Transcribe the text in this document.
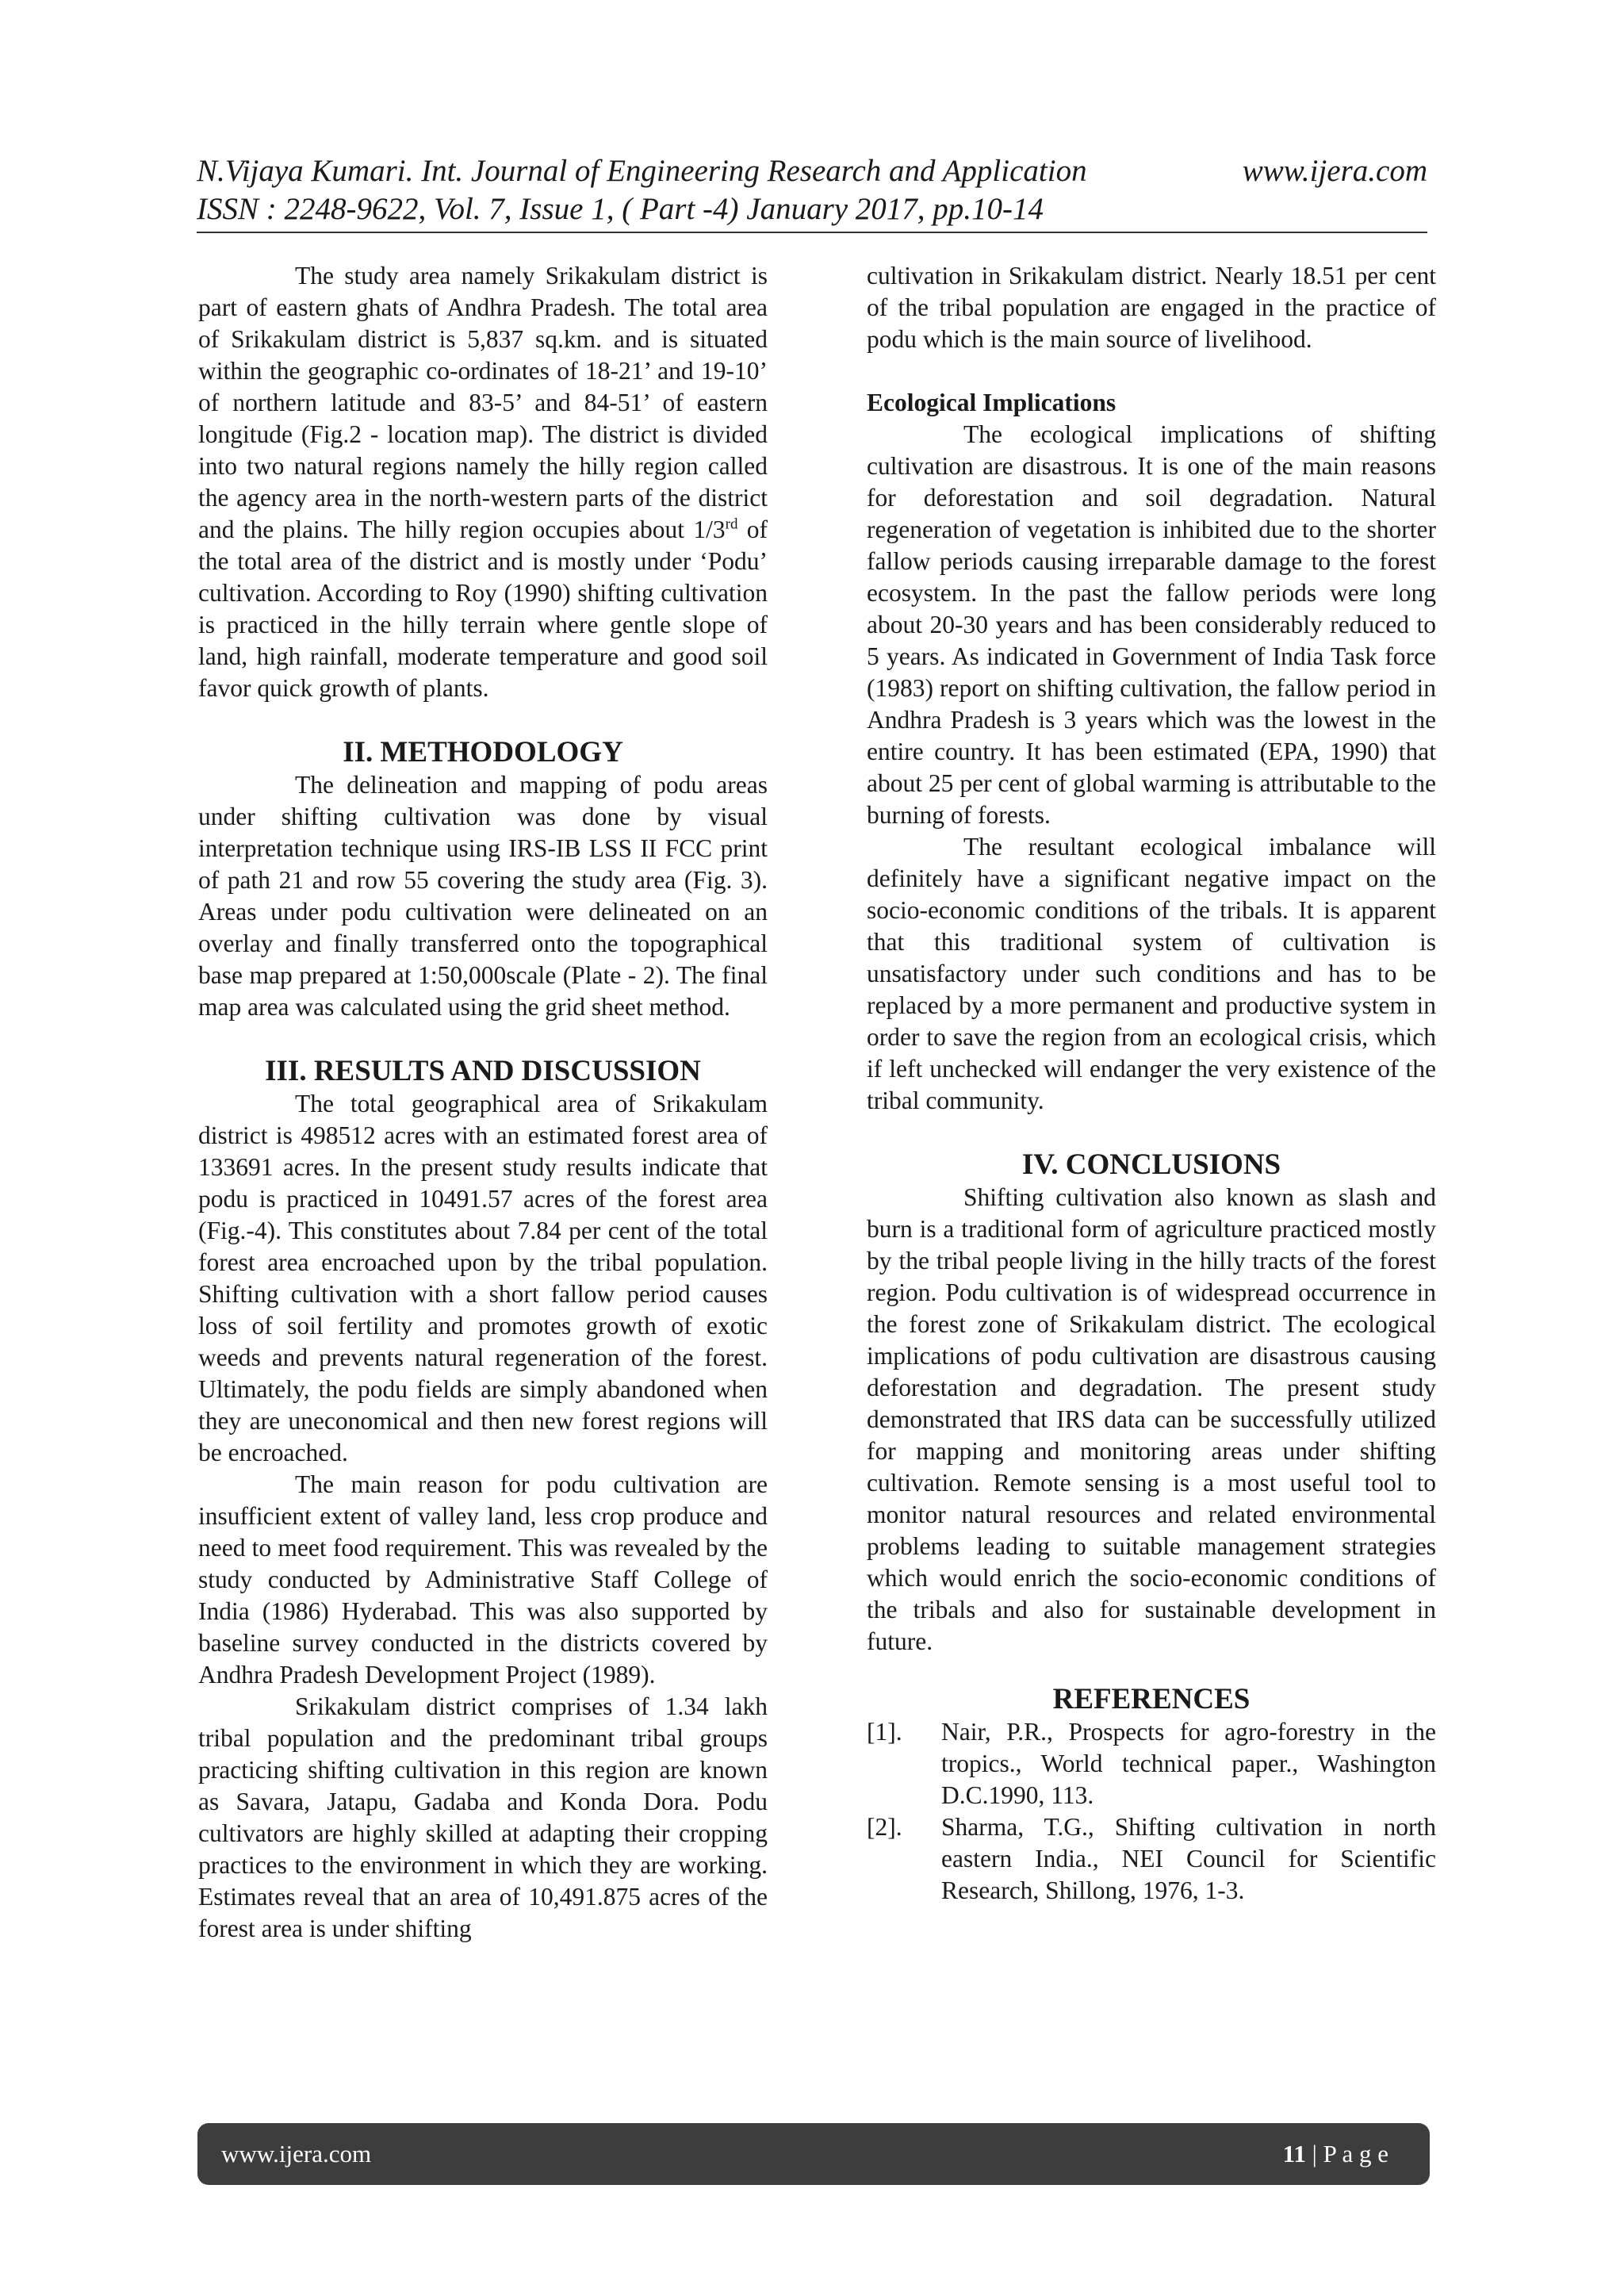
N.Vijaya Kumari. Int. Journal of Engineering Research and Application	www.ijera.com
ISSN : 2248-9622, Vol. 7, Issue 1, ( Part -4) January 2017, pp.10-14

The study area namely Srikakulam district is part of eastern ghats of Andhra Pradesh. The total area of Srikakulam district is 5,837 sq.km. and is situated within the geographic co-ordinates of 18-21’ and 19-10’ of northern latitude and 83-5’ and 84-51’ of eastern longitude (Fig.2 - location map). The district is divided into two natural regions namely the hilly region called the agency area in the north-western parts of the district and the plains. The hilly region occupies about 1/3rd of the total area of the district and is mostly under ‘Podu’ cultivation. According to Roy (1990) shifting cultivation is practiced in the hilly terrain where gentle slope of land, high rainfall, moderate temperature and good soil favor quick growth of plants.

II. METHODOLOGY

The delineation and mapping of podu areas under shifting cultivation was done by visual interpretation technique using IRS-IB LSS II FCC print of path 21 and row 55 covering the study area (Fig. 3). Areas under podu cultivation were delineated on an overlay and finally transferred onto the topographical base map prepared at 1:50,000scale (Plate - 2). The final map area was calculated using the grid sheet method.

III. RESULTS AND DISCUSSION

The total geographical area of Srikakulam district is 498512 acres with an estimated forest area of 133691 acres. In the present study results indicate that podu is practiced in 10491.57 acres of the forest area (Fig.-4). This constitutes about 7.84 per cent of the total forest area encroached upon by the tribal population. Shifting cultivation with a short fallow period causes loss of soil fertility and promotes growth of exotic weeds and prevents natural regeneration of the forest. Ultimately, the podu fields are simply abandoned when they are uneconomical and then new forest regions will be encroached.

The main reason for podu cultivation are insufficient extent of valley land, less crop produce and need to meet food requirement. This was revealed by the study conducted by Administrative Staff College of India (1986) Hyderabad. This was also supported by baseline survey conducted in the districts covered by Andhra Pradesh Development Project (1989).

Srikakulam district comprises of 1.34 lakh tribal population and the predominant tribal groups practicing shifting cultivation in this region are known as Savara, Jatapu, Gadaba and Konda Dora. Podu cultivators are highly skilled at adapting their cropping practices to the environment in which they are working. Estimates reveal that an area of 10,491.875 acres of the forest area is under shifting

cultivation in Srikakulam district. Nearly 18.51 per cent of the tribal population are engaged in the practice of podu which is the main source of livelihood.

Ecological Implications

The ecological implications of shifting cultivation are disastrous. It is one of the main reasons for deforestation and soil degradation. Natural regeneration of vegetation is inhibited due to the shorter fallow periods causing irreparable damage to the forest ecosystem. In the past the fallow periods were long about 20-30 years and has been considerably reduced to 5 years. As indicated in Government of India Task force (1983) report on shifting cultivation, the fallow period in Andhra Pradesh is 3 years which was the lowest in the entire country. It has been estimated (EPA, 1990) that about 25 per cent of global warming is attributable to the burning of forests.

The resultant ecological imbalance will definitely have a significant negative impact on the socio-economic conditions of the tribals. It is apparent that this traditional system of cultivation is unsatisfactory under such conditions and has to be replaced by a more permanent and productive system in order to save the region from an ecological crisis, which if left unchecked will endanger the very existence of the tribal community.

IV. CONCLUSIONS

Shifting cultivation also known as slash and burn is a traditional form of agriculture practiced mostly by the tribal people living in the hilly tracts of the forest region. Podu cultivation is of widespread occurrence in the forest zone of Srikakulam district. The ecological implications of podu cultivation are disastrous causing deforestation and degradation. The present study demonstrated that IRS data can be successfully utilized for mapping and monitoring areas under shifting cultivation. Remote sensing is a most useful tool to monitor natural resources and related environmental problems leading to suitable management strategies which would enrich the socio-economic conditions of the tribals and also for sustainable development in future.

REFERENCES
[1].	Nair, P.R., Prospects for agro-forestry in the tropics., World technical paper., Washington D.C.1990, 113.
[2].	Sharma, T.G., Shifting cultivation in north eastern India., NEI Council for Scientific Research, Shillong, 1976, 1-3.
www.ijera.com	11 | P a g e
